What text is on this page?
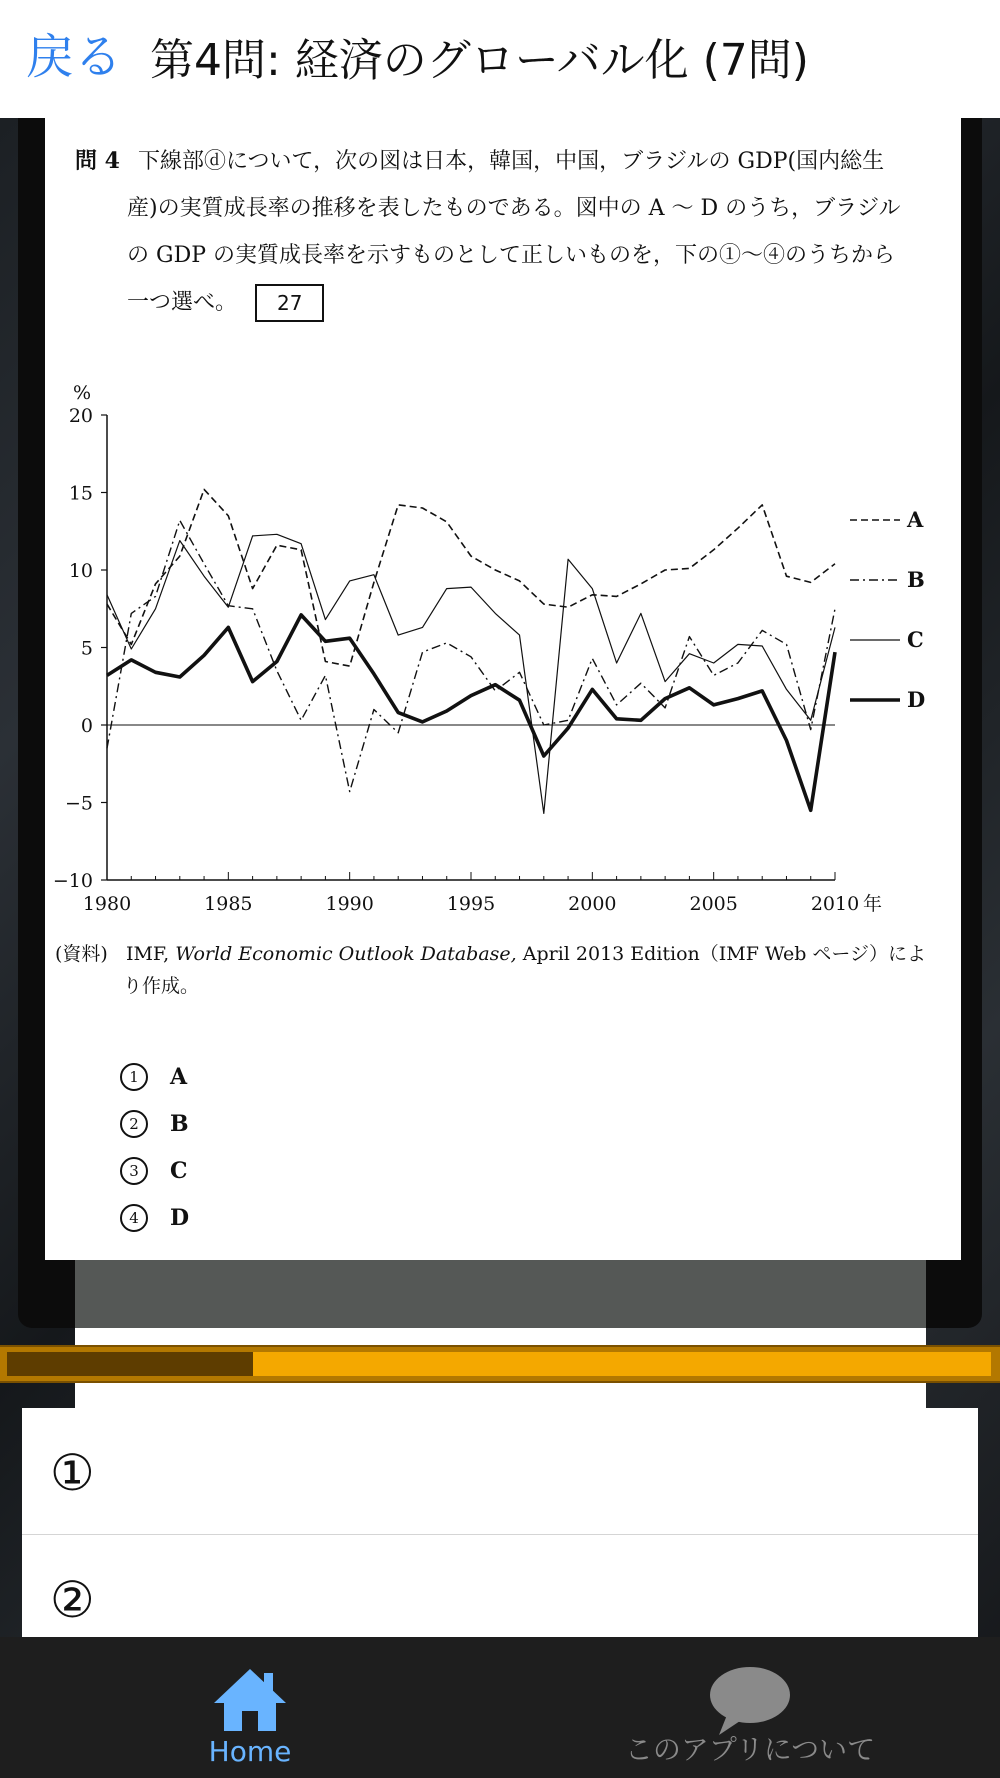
戻る 第4問: 経済のグローバル化 (7問)
問 4 下線部ⓓについて，次の図は日本，韓国，中国，ブラジルの GDP(国内総生
産)の実質成長率の推移を表したものである。図中の A ～ D のうち，ブラジル
の GDP の実質成長率を示すものとして正しいものを，下の①～④のうちから
一つ選べ。 27
20
15
10
5
0
−5
−10
1980	1985	1990	1995	2000	2005	2010
%
年
A
B
C
D
(資料) IMF, World Economic Outlook Database, April 2013 Edition（IMF Web ページ）によ
り作成。
1	A
2	B
3	C
4	D
①
②
Home	このアプリについて
